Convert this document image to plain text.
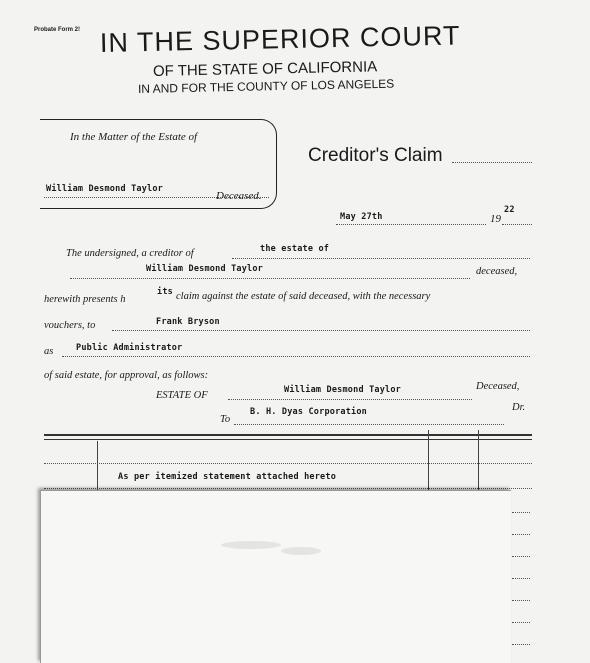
Probate Form 2! IN THE SUPERIOR COURT
OF THE STATE OF CALIFORNIA
IN AND FOR THE COUNTY OF LOS ANGELES
In the Matter of the Estate of
William Desmond Taylor
Deceased.
Creditor's Claim
May 27th	19
22
The undersigned, a creditor of	the estate of
William Desmond Taylor	deceased,
herewith presents h
its claim against the estate of said deceased, with the necessary
vouchers, to	Frank Bryson
as	Public Administrator
of said estate, for approval, as follows:
ESTATE OF	William Desmond Taylor	Deceased,
To
B. H. Dyas Corporation	Dr.
As per itemized statement attached hereto
